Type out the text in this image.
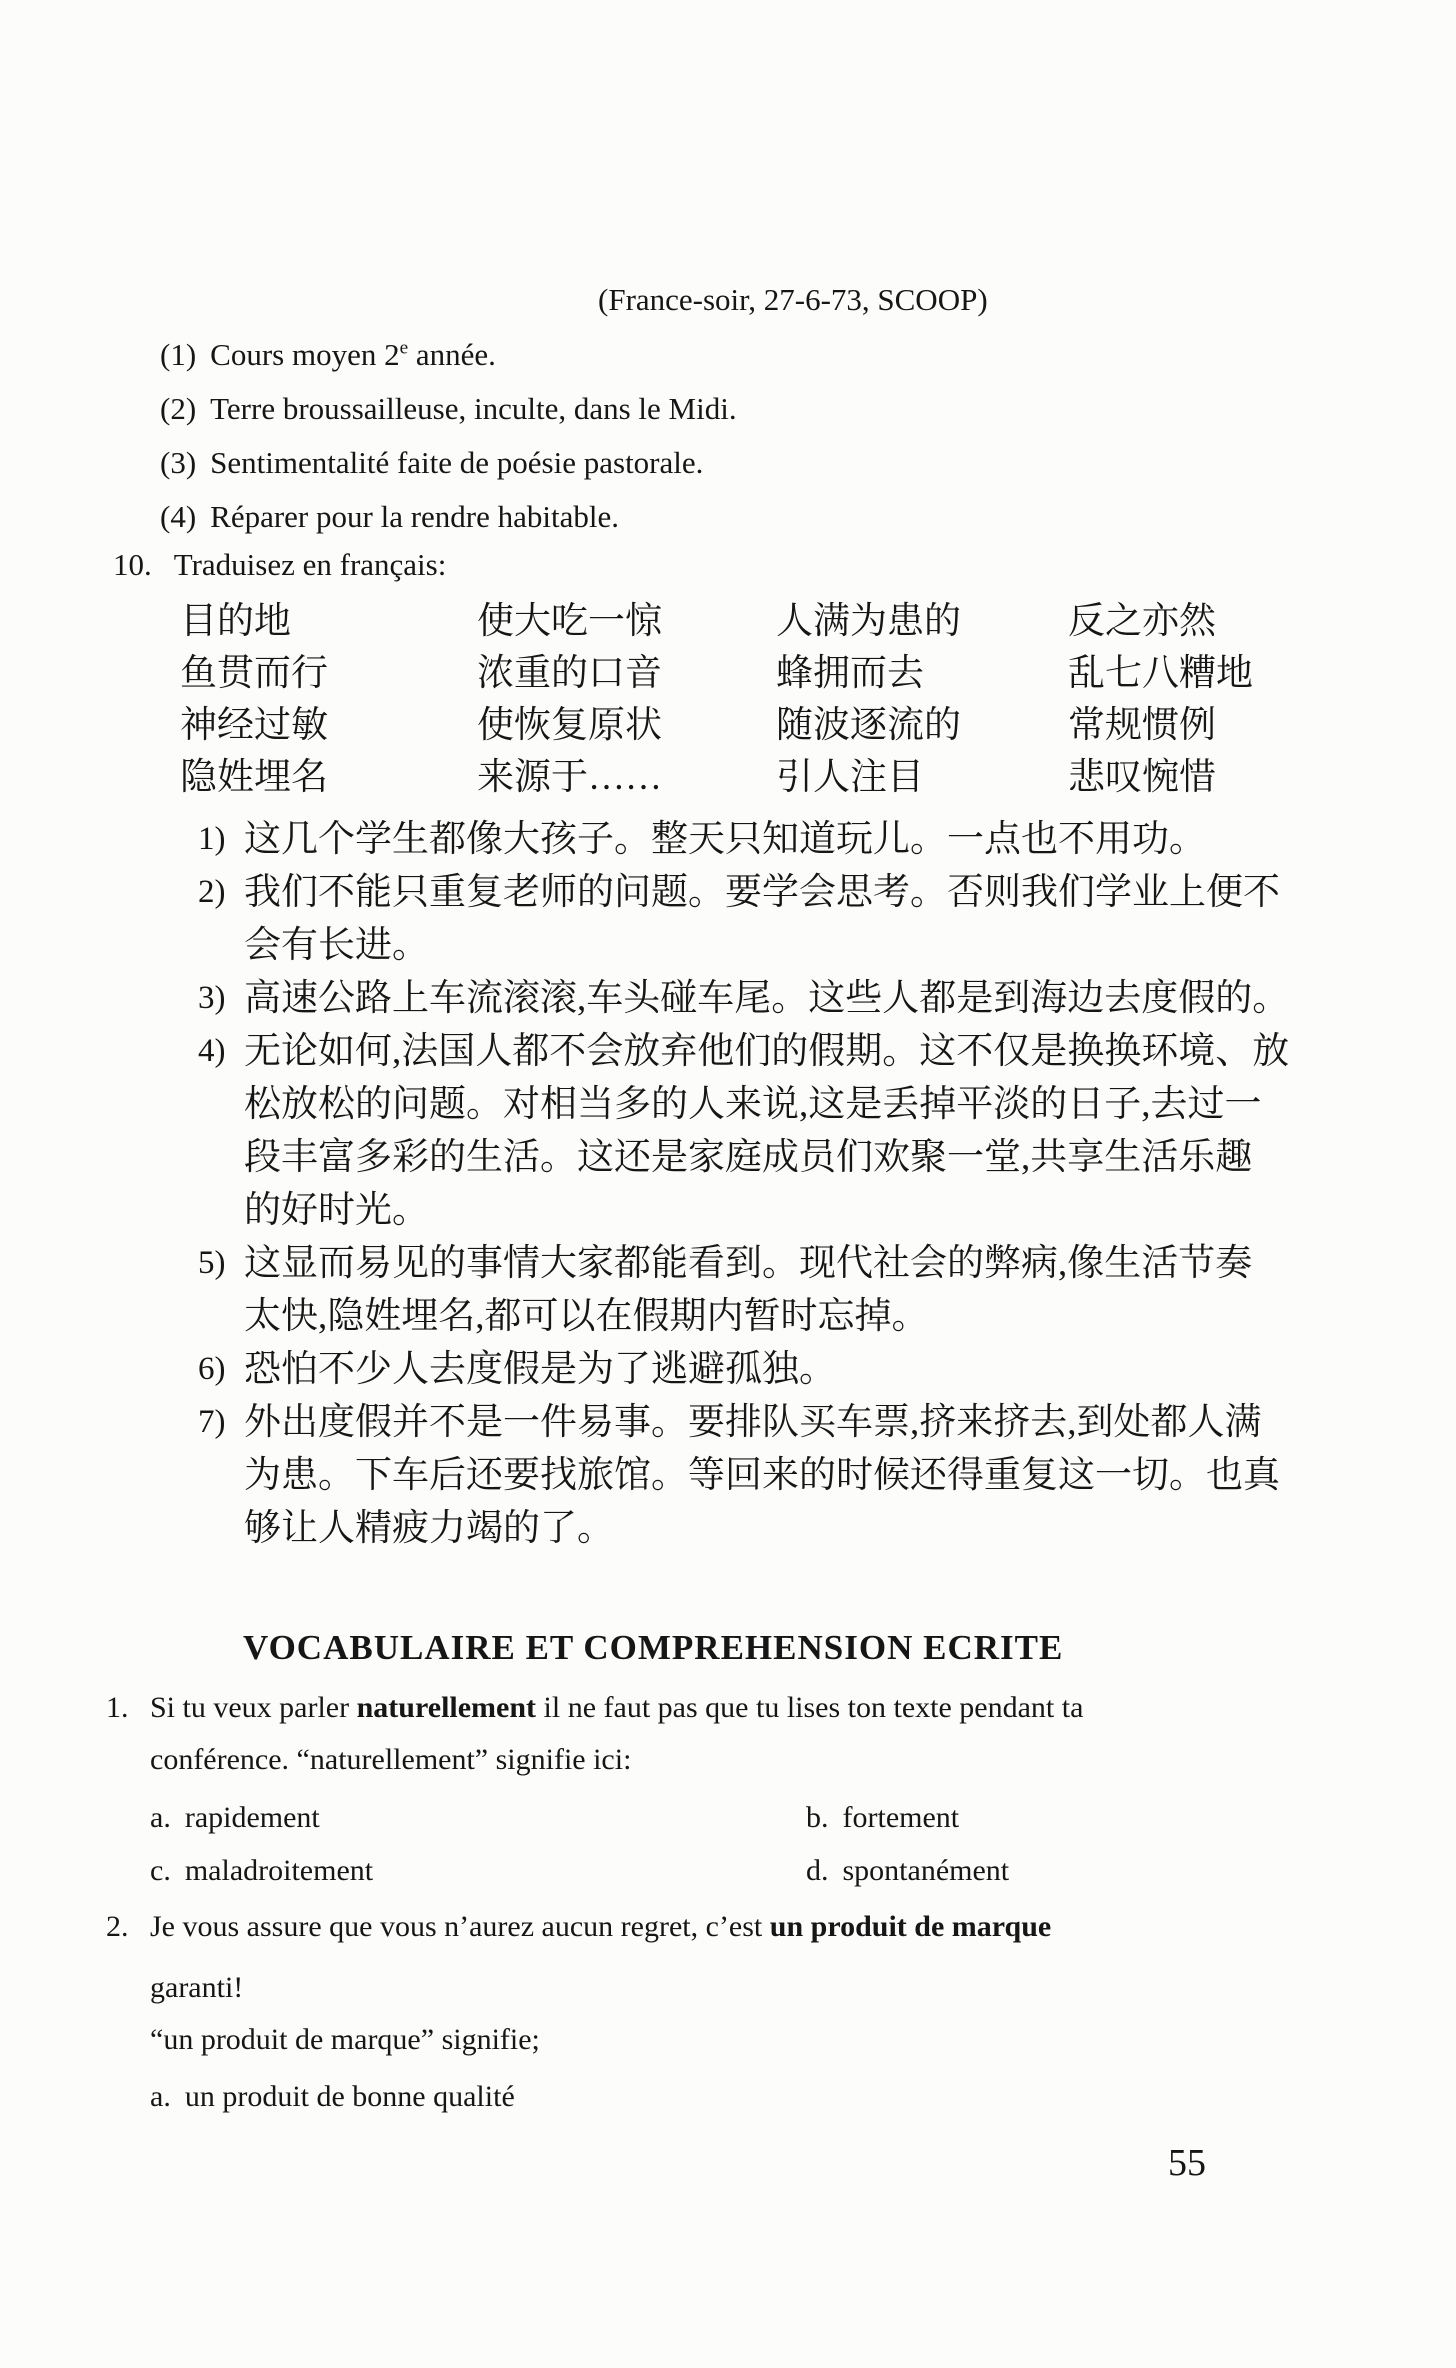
(France-soir, 27-6-73, SCOOP)
(1) Cours moyen 2e année.
(2) Terre broussailleuse, inculte, dans le Midi.
(3) Sentimentalité faite de poésie pastorale.
(4) Réparer pour la rendre habitable.
10. Traduisez en français:
目的地	使大吃一惊	人满为患的	反之亦然
鱼贯而行	浓重的口音	蜂拥而去	乱七八糟地
神经过敏	使恢复原状	随波逐流的	常规惯例
隐姓埋名	来源于……	引人注目	悲叹惋惜
1) 这几个学生都像大孩子。整天只知道玩儿。一点也不用功。
2) 我们不能只重复老师的问题。要学会思考。否则我们学业上便不
会有长进。
3) 高速公路上车流滚滚,车头碰车尾。这些人都是到海边去度假的。
4) 无论如何,法国人都不会放弃他们的假期。这不仅是换换环境、放
松放松的问题。对相当多的人来说,这是丢掉平淡的日子,去过一
段丰富多彩的生活。这还是家庭成员们欢聚一堂,共享生活乐趣
的好时光。
5) 这显而易见的事情大家都能看到。现代社会的弊病,像生活节奏
太快,隐姓埋名,都可以在假期内暂时忘掉。
6) 恐怕不少人去度假是为了逃避孤独。
7) 外出度假并不是一件易事。要排队买车票,挤来挤去,到处都人满
为患。下车后还要找旅馆。等回来的时候还得重复这一切。也真
够让人精疲力竭的了。
VOCABULAIRE ET COMPREHENSION ECRITE
1. Si tu veux parler naturellement il ne faut pas que tu lises ton texte pendant ta
conférence. “naturellement” signifie ici:
a. rapidement	b. fortement
c. maladroitement	d. spontanément
2. Je vous assure que vous n’aurez aucun regret, c’est un produit de marque
garanti!
“un produit de marque” signifie;
a. un produit de bonne qualité
55
